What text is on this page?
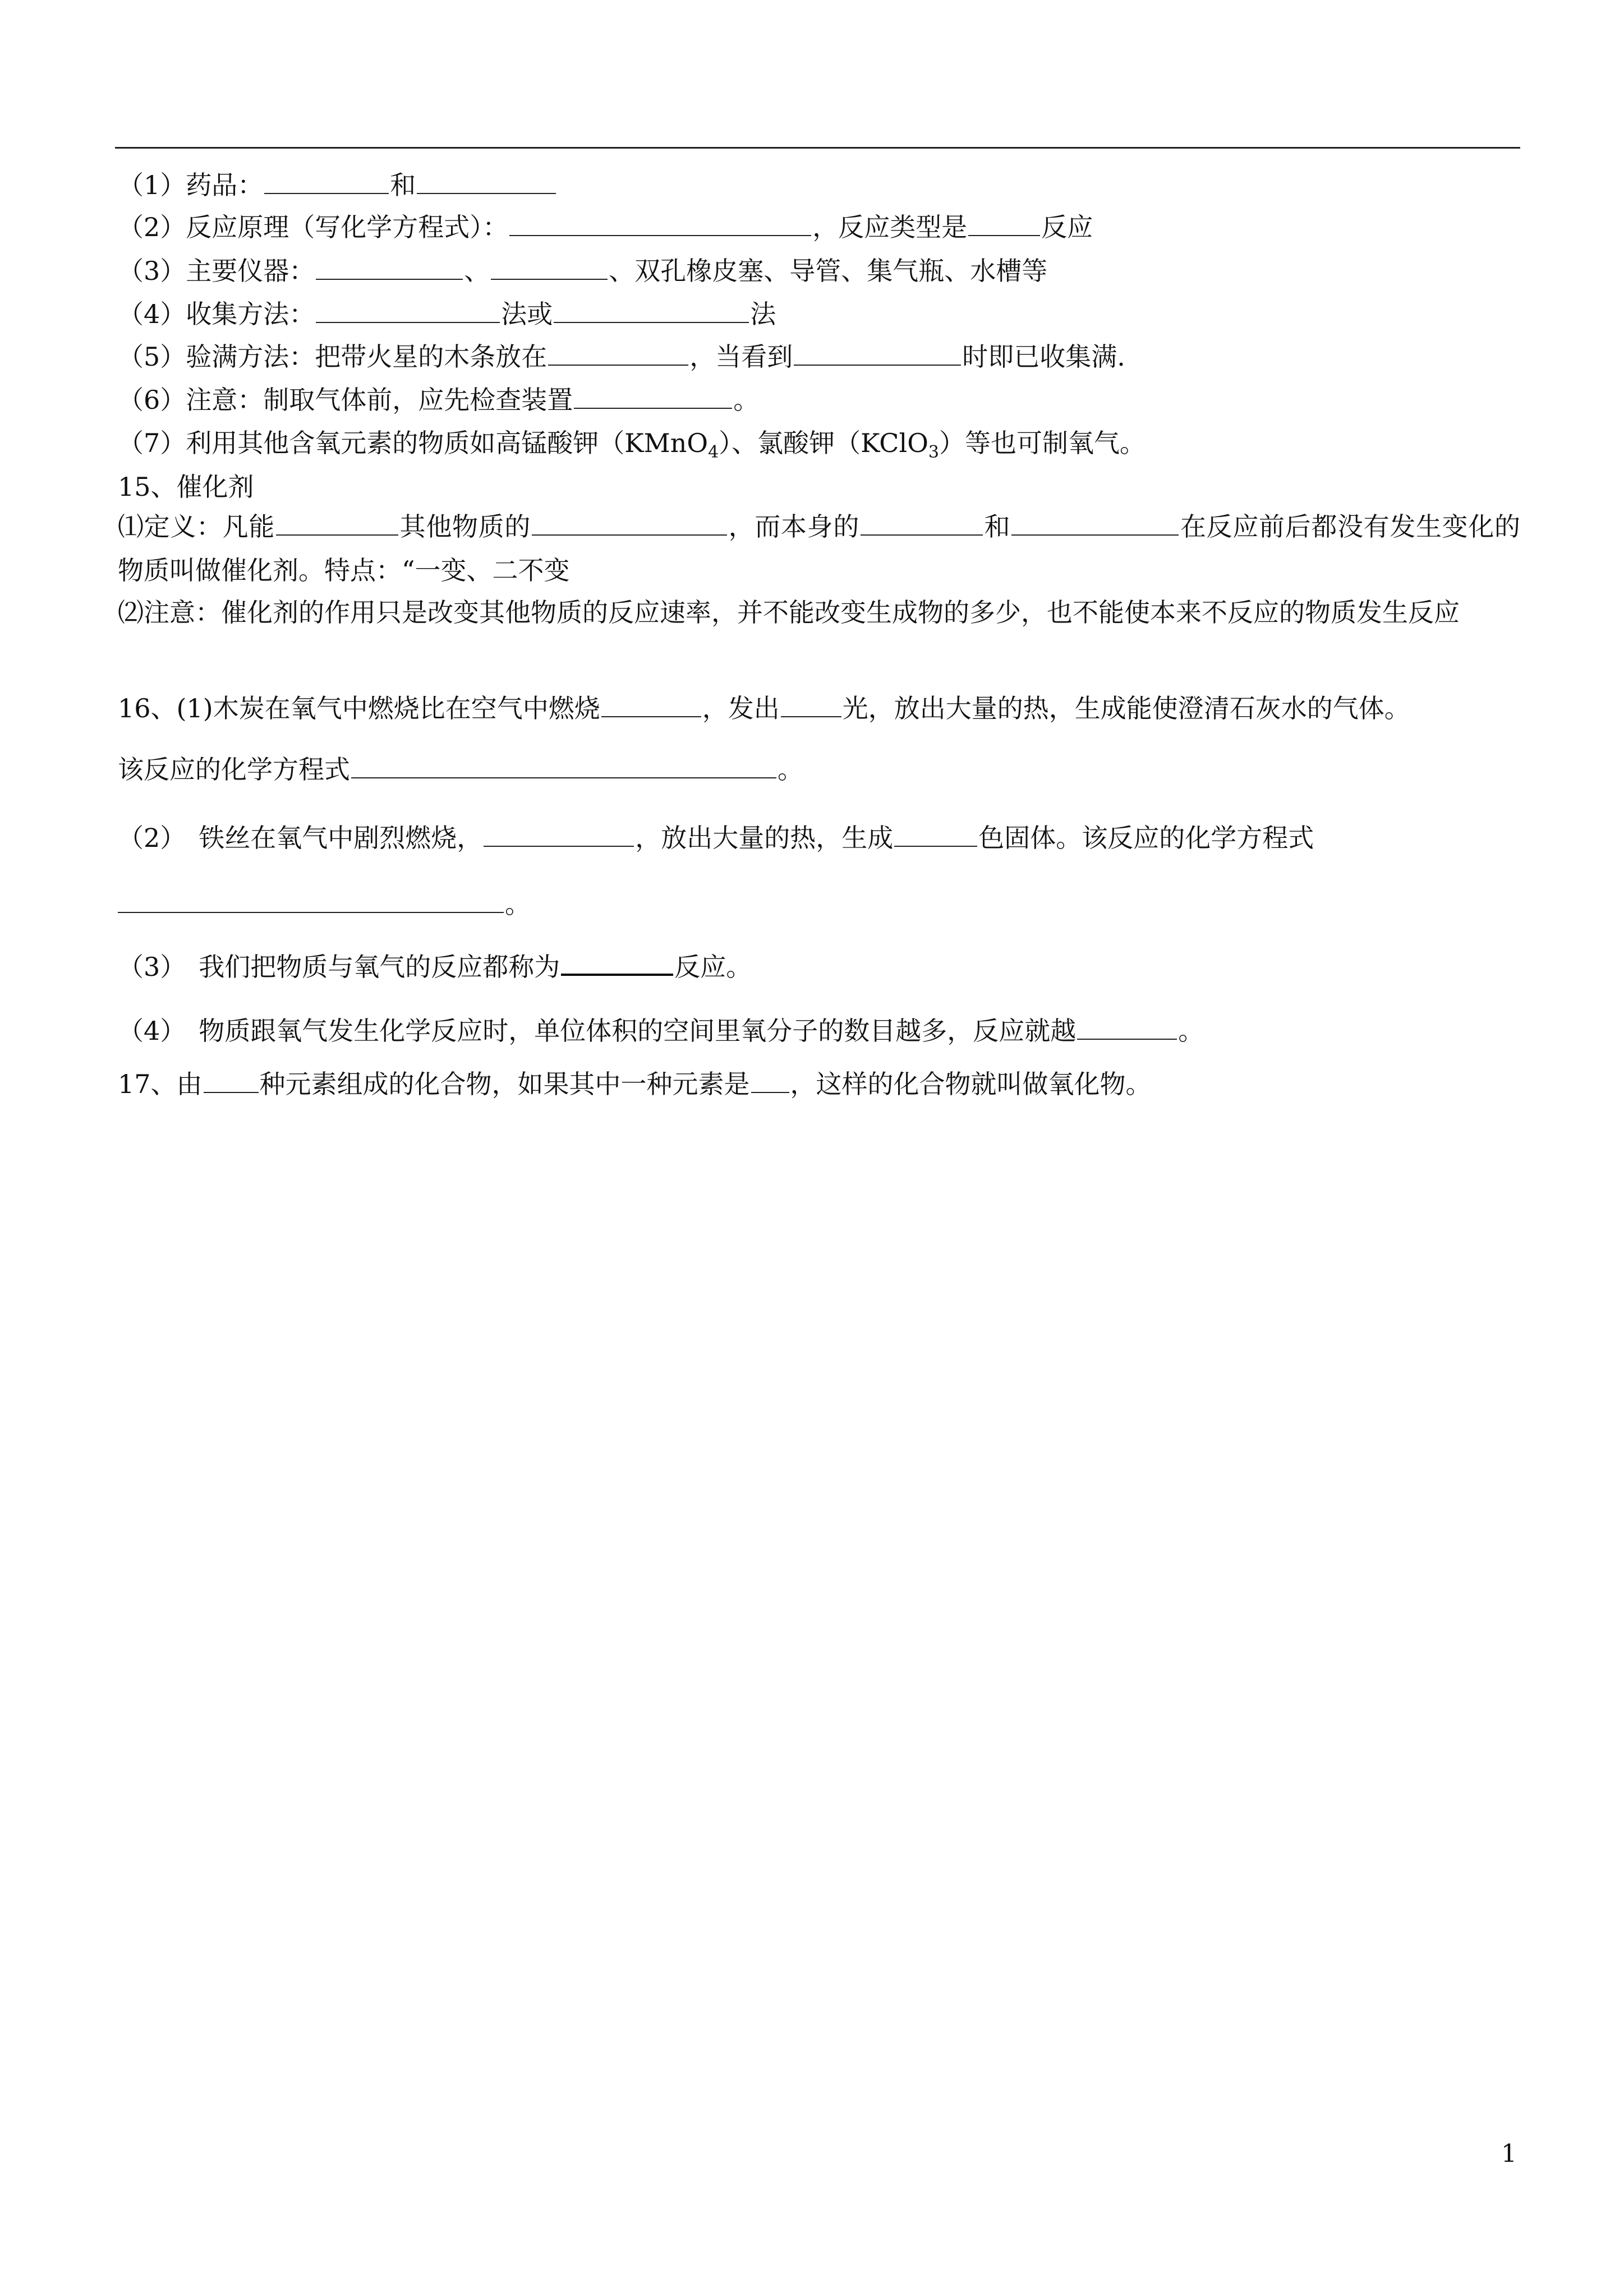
（1）药品：	和
（2）反应原理（写化学方程式）：	，反应类型是	反应
（3）主要仪器：	、	、双孔橡皮塞、导管、集气瓶、水槽等
（4）收集方法：	法或	法
（5）验满方法：把带火星的木条放在	，当看到	时即已收集满.
（6）注意：制取气体前，应先检查装置	。
（7）利用其他含氧元素的物质如高锰酸钾（KMnO$_4$）、氯酸钾（KClO$_3$）等也可制氧气。
15、催化剂
⑴定义：凡能	其他物质的	，而本身的	和	在反应前后都没有发生变化的物质叫做催化剂。特点：“一变、二不变
⑵注意：催化剂的作用只是改变其他物质的反应速率，并不能改变生成物的多少，也不能使本来不反应的物质发生反应
16、(1)木炭在氧气中燃烧比在空气中燃烧	，发出 光，放出大量的热，生成能使澄清石灰水的气体。
该反应的化学方程式	。
（2）　铁丝在氧气中剧烈燃烧，	，放出大量的热，生成	色固体。该反应的化学方程式
。
（3）　我们把物质与氧气的反应都称为	反应。
（4）　物质跟氧气发生化学反应时，单位体积的空间里氧分子的数目越多，反应就越	。
17、由 种元素组成的化合物，如果其中一种元素是 ，这样的化合物就叫做氧化物。
1
